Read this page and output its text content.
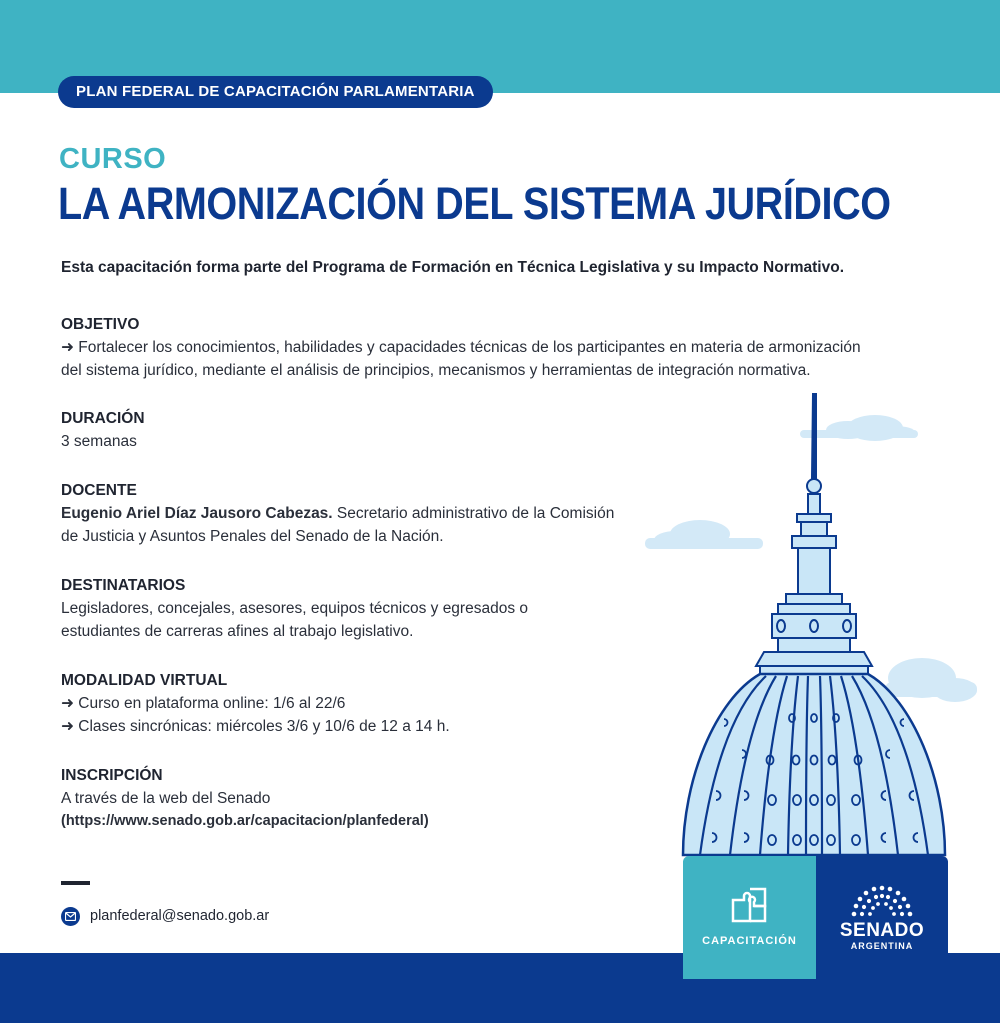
PLAN FEDERAL DE CAPACITACIÓN PARLAMENTARIA
CURSO
LA ARMONIZACIÓN DEL SISTEMA JURÍDICO
Esta capacitación forma parte del Programa de Formación en Técnica Legislativa y su Impacto Normativo.
OBJETIVO
➜ Fortalecer los conocimientos, habilidades y capacidades técnicas de los participantes en materia de armonización
del sistema jurídico, mediante el análisis de principios, mecanismos y herramientas de integración normativa.
DURACIÓN
3 semanas
DOCENTE
Eugenio Ariel Díaz Jausoro Cabezas. Secretario administrativo de la Comisión
de Justicia y Asuntos Penales del Senado de la Nación.
DESTINATARIOS
Legisladores, concejales, asesores, equipos técnicos y egresados o
estudiantes de carreras afines al trabajo legislativo.
MODALIDAD VIRTUAL
➜ Curso en plataforma online: 1/6 al 22/6
➜ Clases sincrónicas: miércoles 3/6 y 10/6 de 12 a 14 h.
INSCRIPCIÓN
A través de la web del Senado
(https://www.senado.gob.ar/capacitacion/planfederal)
planfederal@senado.gob.ar
CAPACITACIÓN	SENADO
ARGENTINA
